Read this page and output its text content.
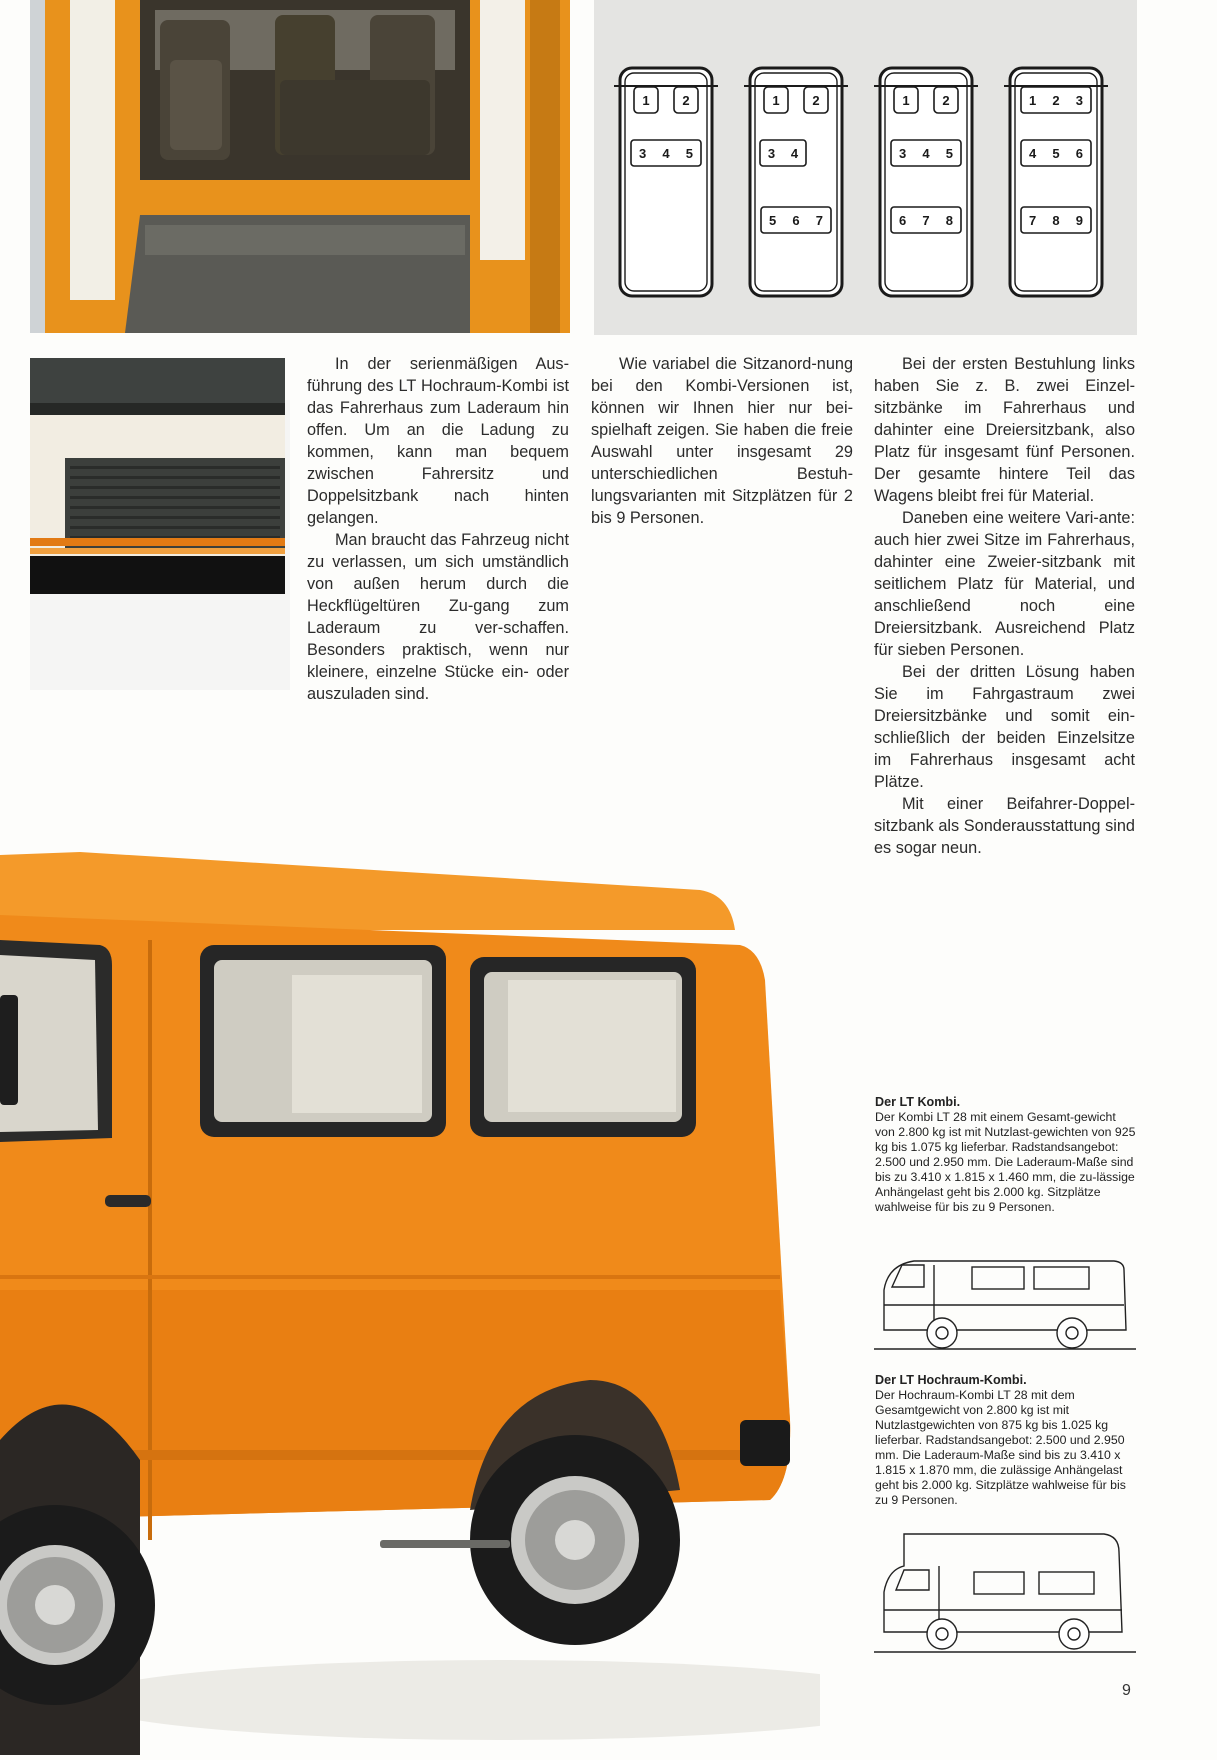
1	2
3 4 5
1	2
3 4
5 6 7
1	2
3 4 5
6 7 8
1 2 3
4 5 6
7 8 9

In der serienmäßigen Aus-führung des LT Hochraum-Kombi ist das Fahrerhaus zum Laderaum hin offen. Um an die Ladung zu kommen, kann man bequem zwischen Fahrersitz und Doppelsitzbank nach hinten gelangen.

Man braucht das Fahrzeug nicht zu verlassen, um sich umständlich von außen herum durch die Heckflügeltüren Zu-gang zum Laderaum zu ver-schaffen. Besonders praktisch, wenn nur kleinere, einzelne Stücke ein- oder auszuladen sind.

Wie variabel die Sitzanord-nung bei den Kombi-Versionen ist, können wir Ihnen hier nur bei-spielhaft zeigen. Sie haben die freie Auswahl unter insgesamt 29 unterschiedlichen Bestuh-lungsvarianten mit Sitzplätzen für 2 bis 9 Personen.

Bei der ersten Bestuhlung links haben Sie z. B. zwei Einzel-sitzbänke im Fahrerhaus und dahinter eine Dreiersitzbank, also Platz für insgesamt fünf Personen. Der gesamte hintere Teil das Wagens bleibt frei für Material.

Daneben eine weitere Vari-ante: auch hier zwei Sitze im Fahrerhaus, dahinter eine Zweier-sitzbank mit seitlichem Platz für Material, und anschließend noch eine Dreiersitzbank. Ausreichend Platz für sieben Personen.

Bei der dritten Lösung haben Sie im Fahrgastraum zwei Dreiersitzbänke und somit ein-schließlich der beiden Einzelsitze im Fahrerhaus insgesamt acht Plätze.

Mit einer Beifahrer-Doppel-sitzbank als Sonderausstattung sind es sogar neun.

Der LT Kombi.

Der Kombi LT 28 mit einem Gesamt-gewicht von 2.800 kg ist mit Nutzlast-gewichten von 925 kg bis 1.075 kg lieferbar. Radstandsangebot: 2.500 und 2.950 mm. Die Laderaum-Maße sind bis zu 3.410 x 1.815 x 1.460 mm, die zu-lässige Anhängelast geht bis 2.000 kg. Sitzplätze wahlweise für bis zu 9 Personen.

Der LT Hochraum-Kombi.

Der Hochraum-Kombi LT 28 mit dem Gesamtgewicht von 2.800 kg ist mit Nutzlastgewichten von 875 kg bis 1.025 kg lieferbar. Radstandsangebot: 2.500 und 2.950 mm. Die Laderaum-Maße sind bis zu 3.410 x 1.815 x 1.870 mm, die zulässige Anhängelast geht bis 2.000 kg. Sitzplätze wahlweise für bis zu 9 Personen.

9
